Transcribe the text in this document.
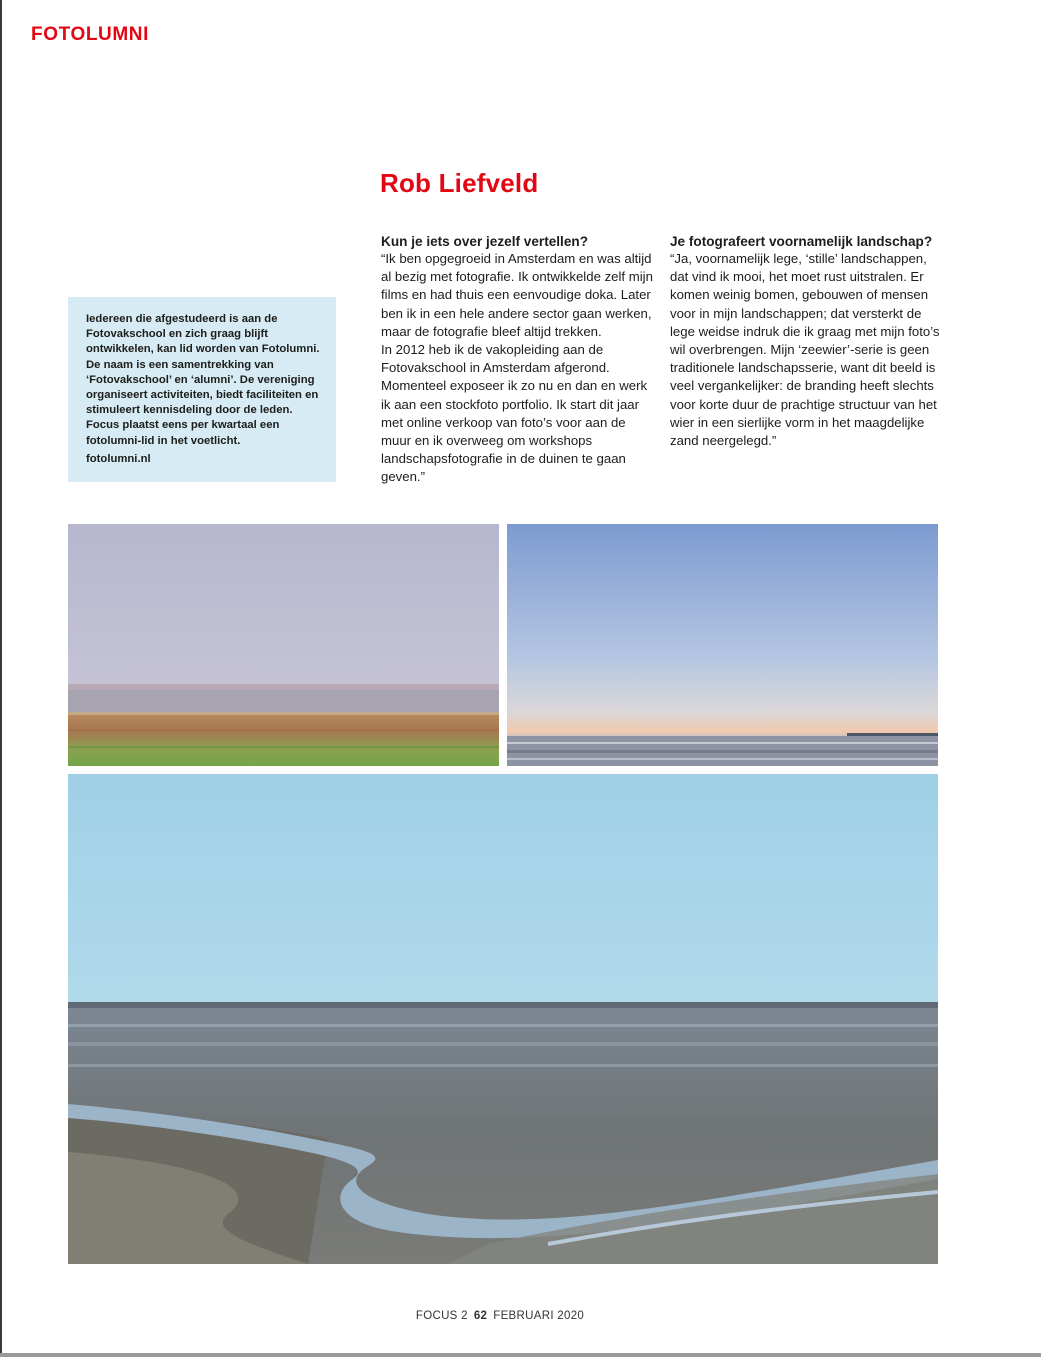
FOTOLUMNI
Rob Liefveld
Kun je iets over jezelf vertellen?

“Ik ben opgegroeid in Amsterdam en was altijd al bezig met fotografie. Ik ontwikkelde zelf mijn films en had thuis een eenvoudige doka. Later ben ik in een hele andere sector gaan werken, maar de fotografie bleef altijd trekken.

In 2012 heb ik de vakopleiding aan de Fotovakschool in Amsterdam afgerond. Momenteel exposeer ik zo nu en dan en werk ik aan een stockfoto portfolio. Ik start dit jaar met online verkoop van foto’s voor aan de muur en ik overweeg om workshops landschapsfotografie in de duinen te gaan geven.”

Je fotografeert voornamelijk landschap?

“Ja, voornamelijk lege, ‘stille’ landschappen, dat vind ik mooi, het moet rust uitstralen. Er komen weinig bomen, gebouwen of mensen voor in mijn landschappen; dat versterkt de lege weidse indruk die ik graag met mijn foto’s wil overbrengen. Mijn ‘zeewier’-serie is geen traditionele landschapsserie, want dit beeld is veel vergankelijker: de branding heeft slechts voor korte duur de prachtige structuur van het wier in een sierlijke vorm in het maagdelijke zand neergelegd.”

Iedereen die afgestudeerd is aan de Fotovakschool en zich graag blijft ontwikkelen, kan lid worden van Fotolumni. De naam is een samentrekking van ‘Fotovakschool’ en ‘alumni’. De vereniging organiseert activiteiten, biedt faciliteiten en stimuleert kennisdeling door de leden. Focus plaatst eens per kwartaal een fotolumni-lid in het voetlicht.

fotolumni.nl

FOCUS 2 62 FEBRUARI 2020
